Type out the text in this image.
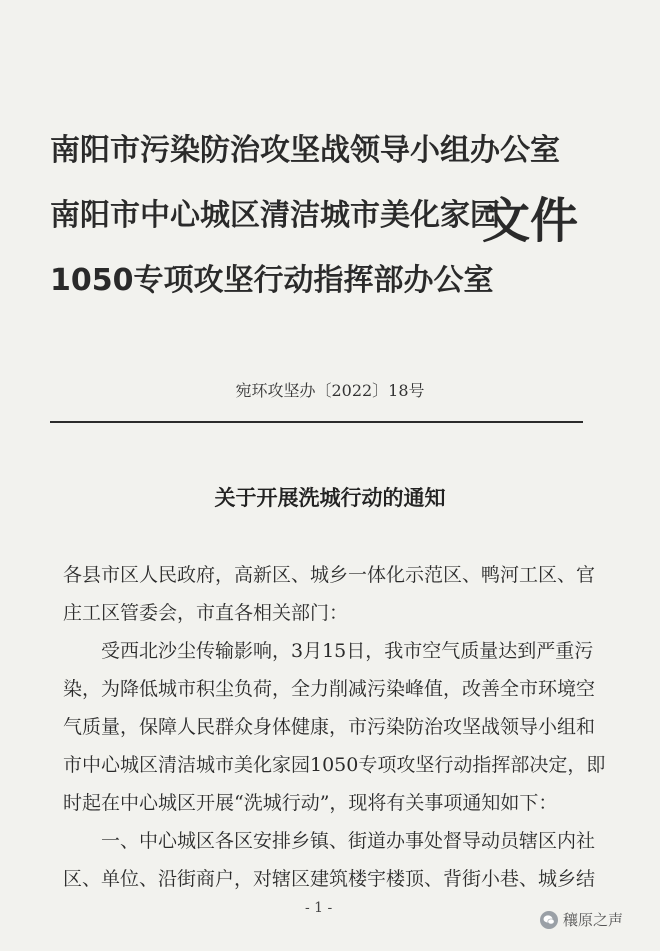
南阳市污染防治攻坚战领导小组办公室
南阳市中心城区清洁城市美化家园
1050专项攻坚行动指挥部办公室
文件
宛环攻坚办〔2022〕18号
关于开展洗城行动的通知
各县市区人民政府，高新区、城乡一体化示范区、鸭河工区、官
庄工区管委会，市直各相关部门：
受西北沙尘传输影响，3月15日，我市空气质量达到严重污
染，为降低城市积尘负荷，全力削减污染峰值，改善全市环境空
气质量，保障人民群众身体健康，市污染防治攻坚战领导小组和
市中心城区清洁城市美化家园1050专项攻坚行动指挥部决定，即
时起在中心城区开展“洗城行动”，现将有关事项通知如下：
一、中心城区各区安排乡镇、街道办事处督导动员辖区内社
区、单位、沿街商户，对辖区建筑楼宇楼顶、背街小巷、城乡结
- 1 -
穰原之声
